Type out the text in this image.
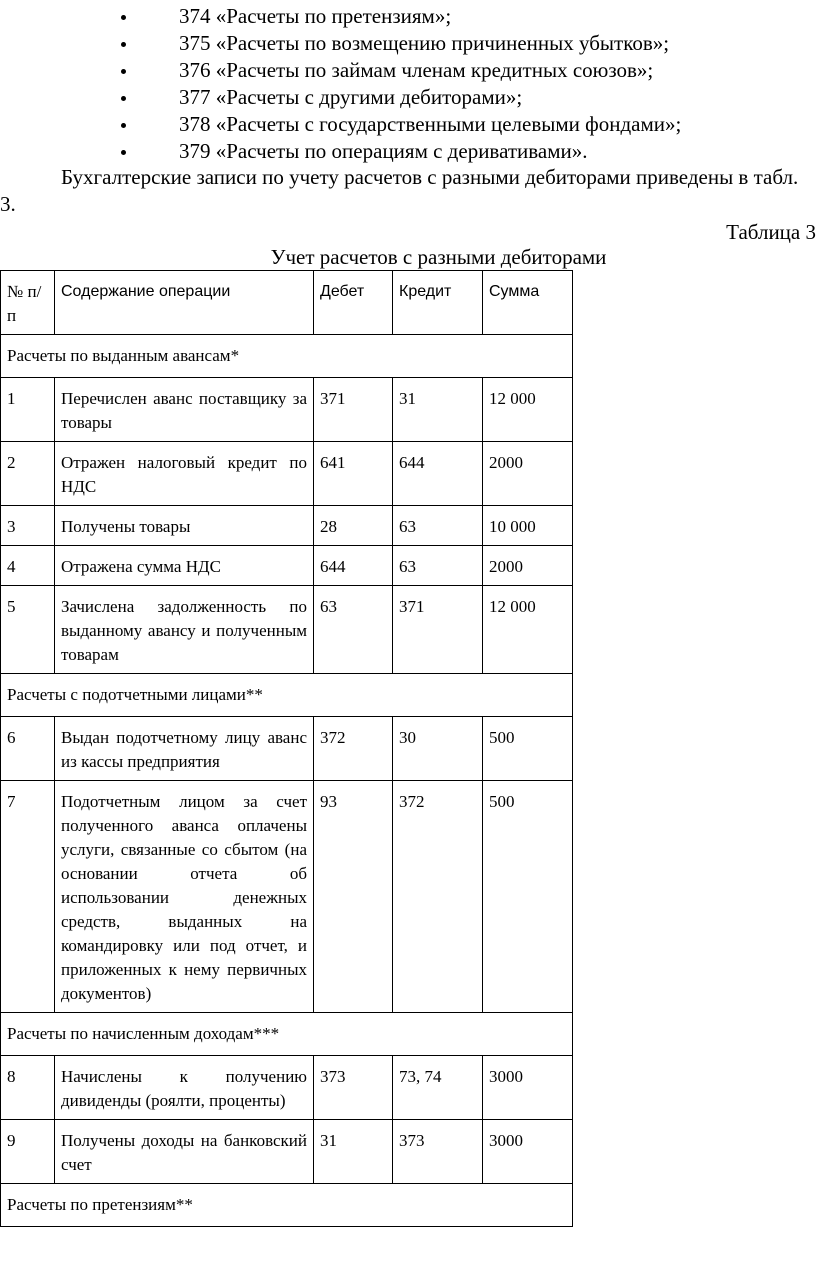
374 «Расчеты по претензиям»;
375 «Расчеты по возмещению причиненных убытков»;
376 «Расчеты по займам членам кредитных союзов»;
377 «Расчеты с другими дебиторами»;
378 «Расчеты с государственными целевыми фондами»;
379 «Расчеты по операциям с деривативами».

Бухгалтерские записи по учету расчетов с разными дебиторами приведены в табл. 3.

Таблица 3
Учет расчетов с разными дебиторами
№ п/п	Содержание операции	Дебет	Кредит	Сумма
Расчеты по выданным авансам*				
1	Перечислен аванс поставщику за товары	371	31	12 000
2	Отражен налоговый кредит по НДС	641	644	2000
3	Получены товары	28	63	10 000
4	Отражена сумма НДС	644	63	2000
5	Зачислена задолженность по выданному авансу и полученным товарам	63	371	12 000
Расчеты с подотчетными лицами**				
6	Выдан подотчетному лицу аванс из кассы предприятия	372	30	500
7	Подотчетным лицом за счет полученного аванса оплачены услуги, связанные со сбытом (на основании отчета об использовании денежных средств, выданных на командировку или под отчет, и приложенных к нему первичных документов)	93	372	500
Расчеты по начисленным доходам***				
8	Начислены к получению дивиденды (роялти, проценты)	373	73, 74	3000
9	Получены доходы на банковский счет	31	373	3000
Расчеты по претензиям**				
